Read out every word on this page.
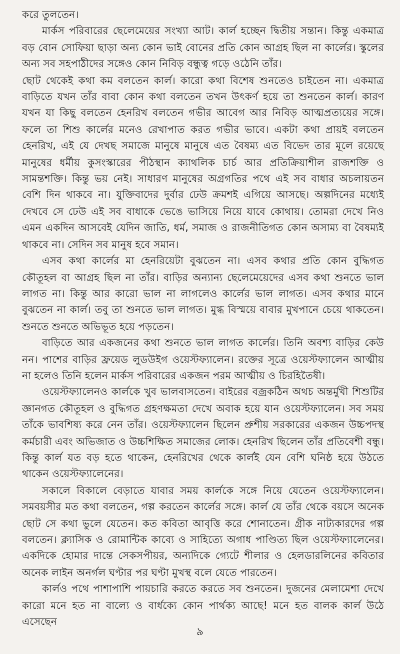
করে তুলতেন।

মার্কস পরিবারের ছেলেমেয়ের সংখ্যা আট। কার্ল হচ্ছেন দ্বিতীয় সন্তান। কিন্তু একমাত্র বড় বোন সোফিয়া ছাড়া অন্য কোন ভাই বোনের প্রতি কোন আগ্রহ ছিল না কার্লের। স্কুলের অন্য সব সহপাঠীদের সঙ্গেও কোন নিবিড় বন্ধুত্ব গড়ে ওঠেনি তাঁর।

ছোট থেকেই কথা কম বলতেন কার্ল। কারো কথা বিশেষ শুনতেও চাইতেন না। একমাত্র বাড়িতে যখন তাঁর বাবা কোন কথা বলতেন তখন উৎকর্ণ হয়ে তা শুনতেন কার্ল। কারণ যখন যা কিছু বলতেন হেনরিখ বলতেন গভীর আবেগ আর নিবিড় আত্মপ্রত্যয়ের সঙ্গে। ফলে তা শিশু কার্লের মনেও রেখাপাত করত গভীর ভাবে। একটা কথা প্রায়ই বলতেন হেনরিখ, এই যে দেখছ সমাজে মানুষে মানুষে এত বৈষম্য এত বিভেদ তার মূলে রয়েছে মানুষের ধর্মীয় কুসংস্কারের পীঠস্থান ক্যাথলিক চার্চ আর প্রতিক্রিয়াশীল রাজশক্তি ও সামন্তশক্তি। কিন্তু ভয় নেই। সাধারণ মানুষের অগ্রগতির পথে এই সব বাধার অচলায়তন বেশি দিন থাকবে না। যুক্তিবাদের দুর্বার ঢেউ ক্রমশই এগিয়ে আসছে। অল্পদিনের মধ্যেই দেখবে সে ঢেউ এই সব বাধাকে ভেঙে ভাসিয়ে নিয়ে যাবে কোথায়। তোমরা দেখে নিও এমন একদিন আসবেই যেদিন জাতি, ধর্ম, সমাজ ও রাজনীতিগত কোন অসাম্য বা বৈষম্যই থাকবে না। সেদিন সব মানুষ হবে সমান।

এসব কথা কার্লের মা হেনরিয়েটা বুঝতেন না। এসব কথার প্রতি কোন বুদ্ধিগত কৌতূহল বা আগ্রহ ছিল না তাঁর। বাড়ির অন্যান্য ছেলেমেয়েদের এসব কথা শুনতে ভাল লাগত না। কিন্তু আর কারো ভাল না লাগলেও কার্লের ভাল লাগত। এসব কথার মানে বুঝতেন না কার্ল। তবু তা শুনতে ভাল লাগত। মুগ্ধ বিস্ময়ে বাবার মুখপানে চেয়ে থাকতেন। শুনতে শুনতে অভিভূত হয়ে পড়তেন।

বাড়িতে আর একজনের কথা শুনতে ভাল লাগত কার্লের। তিনি অবশ্য বাড়ির কেউ নন। পাশের বাড়ির ফ্রয়েড লুডউইগ ওয়েস্টফ্যালেন। রক্তের সূত্রে ওয়েস্টফ্যালেন আত্মীয় না হলেও তিনি হলেন মার্কস পরিবারের একজন পরম আত্মীয় ও চিরহিতৈষী।

ওয়েস্টফ্যালেনও কার্লকে খুব ভালবাসতেন। বাইরের বজ্রকঠিন অথচ অন্তর্মুখী শিশুটির জ্ঞানগত কৌতূহল ও বুদ্ধিগত গ্রহণক্ষমতা দেখে অবাক হয়ে যান ওয়েস্টফ্যালেন। সব সময় তাঁকে ভাবশিষ্য করে নেন তাঁর। ওয়েস্টফ্যালেন ছিলেন প্রুশীয় সরকারের একজন উচ্চপদস্থ কর্মচারী এবং অভিজাত ও উচ্চশিক্ষিত সমাজের লোক। হেনরিখ ছিলেন তাঁর প্রতিবেশী বন্ধু। কিন্তু কার্ল যত বড় হতে থাকেন, হেনরিখের থেকে কার্লই যেন বেশি ঘনিষ্ঠ হয়ে উঠতে থাকেন ওয়েস্টফ্যালেনের।

সকালে বিকালে বেড়াতে যাবার সময় কার্লকে সঙ্গে নিয়ে যেতেন ওয়েস্টফ্যালেন। সমবয়সীর মত কথা বলতেন, গল্প করতেন কার্লের সঙ্গে। কার্ল যে তাঁর থেকে বয়সে অনেক ছোট সে কথা ভুলে যেতেন। কত কবিতা আবৃত্তি করে শোনাতেন। গ্রীক নাট্যকারদের গল্প বলতেন। ক্ল্যাসিক ও রোমান্টিক কাব্যে ও সাহিত্যে অগাধ পাণ্ডিত্য ছিল ওয়েস্টফ্যালেনের। একদিকে হোমার দান্তে সেকসপীয়র, অন্যদিকে গ্যেটে শীলার ও হেলডারলিনের কবিতার অনেক লাইন অনর্গল ঘণ্টার পর ঘণ্টা মুখস্থ বলে যেতে পারতেন।

কার্লও পথে পাশাপাশি পায়চারি করতে করতে সব শুনতেন। দুজনের মেলামেশা দেখে কারো মনে হত না বাল্যে ও বার্ধক্যে কোন পার্থক্য আছে! মনে হত বালক কার্ল উঠে এসেছেন

৯
